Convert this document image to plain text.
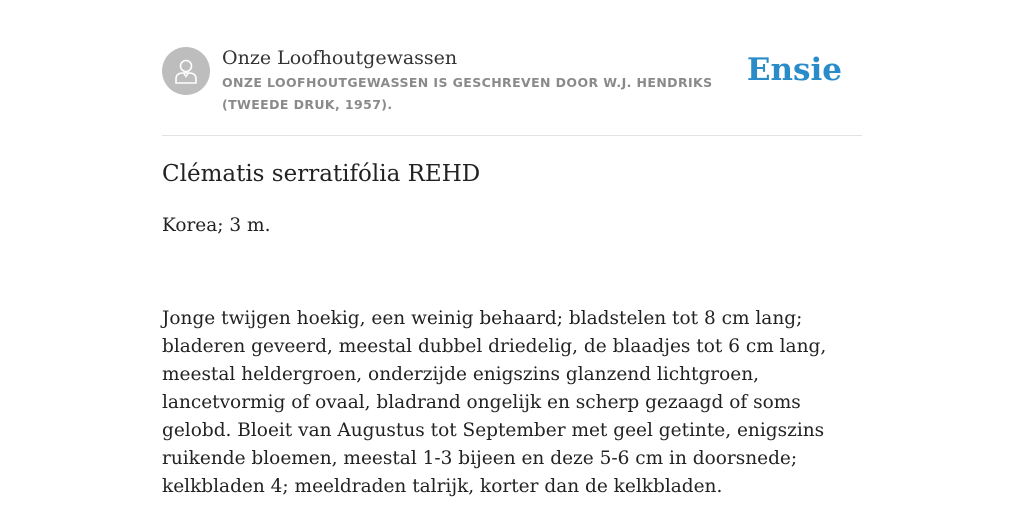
Onze Loofhoutgewassen
ONZE LOOFHOUTGEWASSEN IS GESCHREVEN DOOR W.J. HENDRIKS (TWEEDE DRUK, 1957).
Ensie
Clématis serratifólia REHD

Korea; 3 m.

Jonge twijgen hoekig, een weinig behaard; bladstelen tot 8 cm lang; bladeren geveerd, meestal dubbel driedelig, de blaadjes tot 6 cm lang, meestal heldergroen, onderzijde enigszins glanzend lichtgroen, lancetvormig of ovaal, bladrand ongelijk en scherp gezaagd of soms gelobd. Bloeit van Augustus tot September met geel getinte, enigszins ruikende bloemen, meestal 1-3 bijeen en deze 5-6 cm in doorsnede; kelkbladen 4; meeldraden talrijk, korter dan de kelkbladen.
